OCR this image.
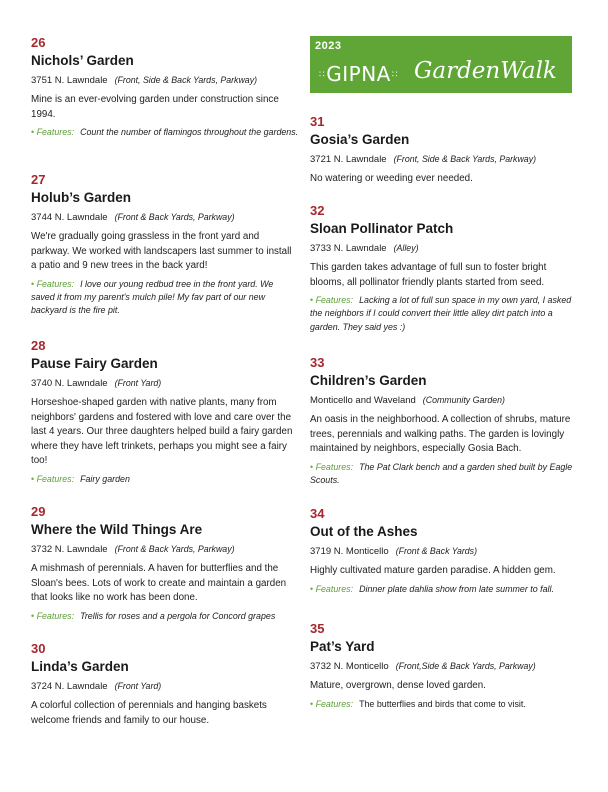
2023
∷GIPNA∷ GardenWalk
26
Nichols’ Garden
3751 N. Lawndale (Front, Side & Back Yards, Parkway)
Mine is an ever-evolving garden under construction since 1994.
• Features: Count the number of flamingos throughout the gardens.
27
Holub’s Garden
3744 N. Lawndale (Front & Back Yards, Parkway)
We're gradually going grassless in the front yard and parkway. We worked with landscapers last summer to install a patio and 9 new trees in the back yard!
• Features: I love our young redbud tree in the front yard. We saved it from my parent's mulch pile! My fav part of our new backyard is the fire pit.
28
Pause Fairy Garden
3740 N. Lawndale (Front Yard)
Horseshoe-shaped garden with native plants, many from neighbors' gardens and fostered with love and care over the last 4 years. Our three daughters helped build a fairy garden where they have left trinkets, perhaps you might see a fairy too!
• Features: Fairy garden
29
Where the Wild Things Are
3732 N. Lawndale (Front & Back Yards, Parkway)
A mishmash of perennials. A haven for butterflies and the Sloan's bees. Lots of work to create and maintain a garden that looks like no work has been done.
• Features: Trellis for roses and a pergola for Concord grapes
30
Linda’s Garden
3724 N. Lawndale (Front Yard)
A colorful collection of perennials and hanging baskets welcome friends and family to our house.
31
Gosia’s Garden
3721 N. Lawndale (Front, Side & Back Yards, Parkway)
No watering or weeding ever needed.
32
Sloan Pollinator Patch
3733 N. Lawndale (Alley)
This garden takes advantage of full sun to foster bright blooms, all pollinator friendly plants started from seed.
• Features: Lacking a lot of full sun space in my own yard, I asked the neighbors if I could convert their little alley dirt patch into a garden. They said yes :)
33
Children’s Garden
Monticello and Waveland (Community Garden)
An oasis in the neighborhood. A collection of shrubs, mature trees, perennials and walking paths. The garden is lovingly maintained by neighbors, especially Gosia Bach.
• Features: The Pat Clark bench and a garden shed built by Eagle Scouts.
34
Out of the Ashes
3719 N. Monticello (Front & Back Yards)
Highly cultivated mature garden paradise. A hidden gem.
• Features: Dinner plate dahlia show from late summer to fall.
35
Pat’s Yard
3732 N. Monticello (Front,Side & Back Yards, Parkway)
Mature, overgrown, dense loved garden.
• Features: The butterflies and birds that come to visit.
